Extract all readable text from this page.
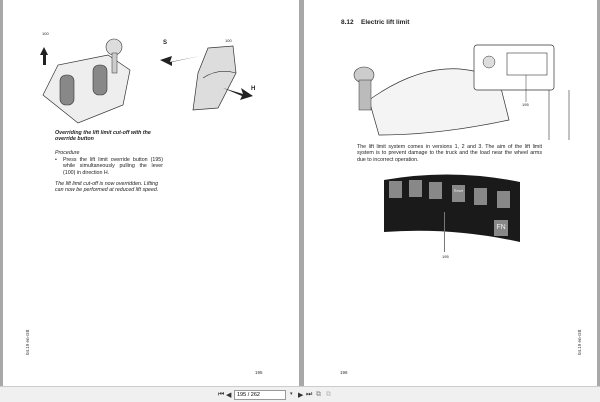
100
S
H
100
Overriding the lift limit cut-off with the override button
Procedure
• Press the lift limit override button (195) while simultaneously pulling the lever (100) in direction H.
The lift limit cut-off is now overridden. Lifting can now be performed at reduced lift speed.
04.19 en-GB
195
8.12 Electric lift limit
195
The lift limit system comes in versions 1, 2 and 3. The aim of the lift limit system is to prevent damage to the truck and the load near the wheel arms due to incorrect operation.
Reset
FN
195
04.19 en-GB
196
⏮ ◀
195 / 262	▾ ▶ ⏭ ⧉ ⧉
